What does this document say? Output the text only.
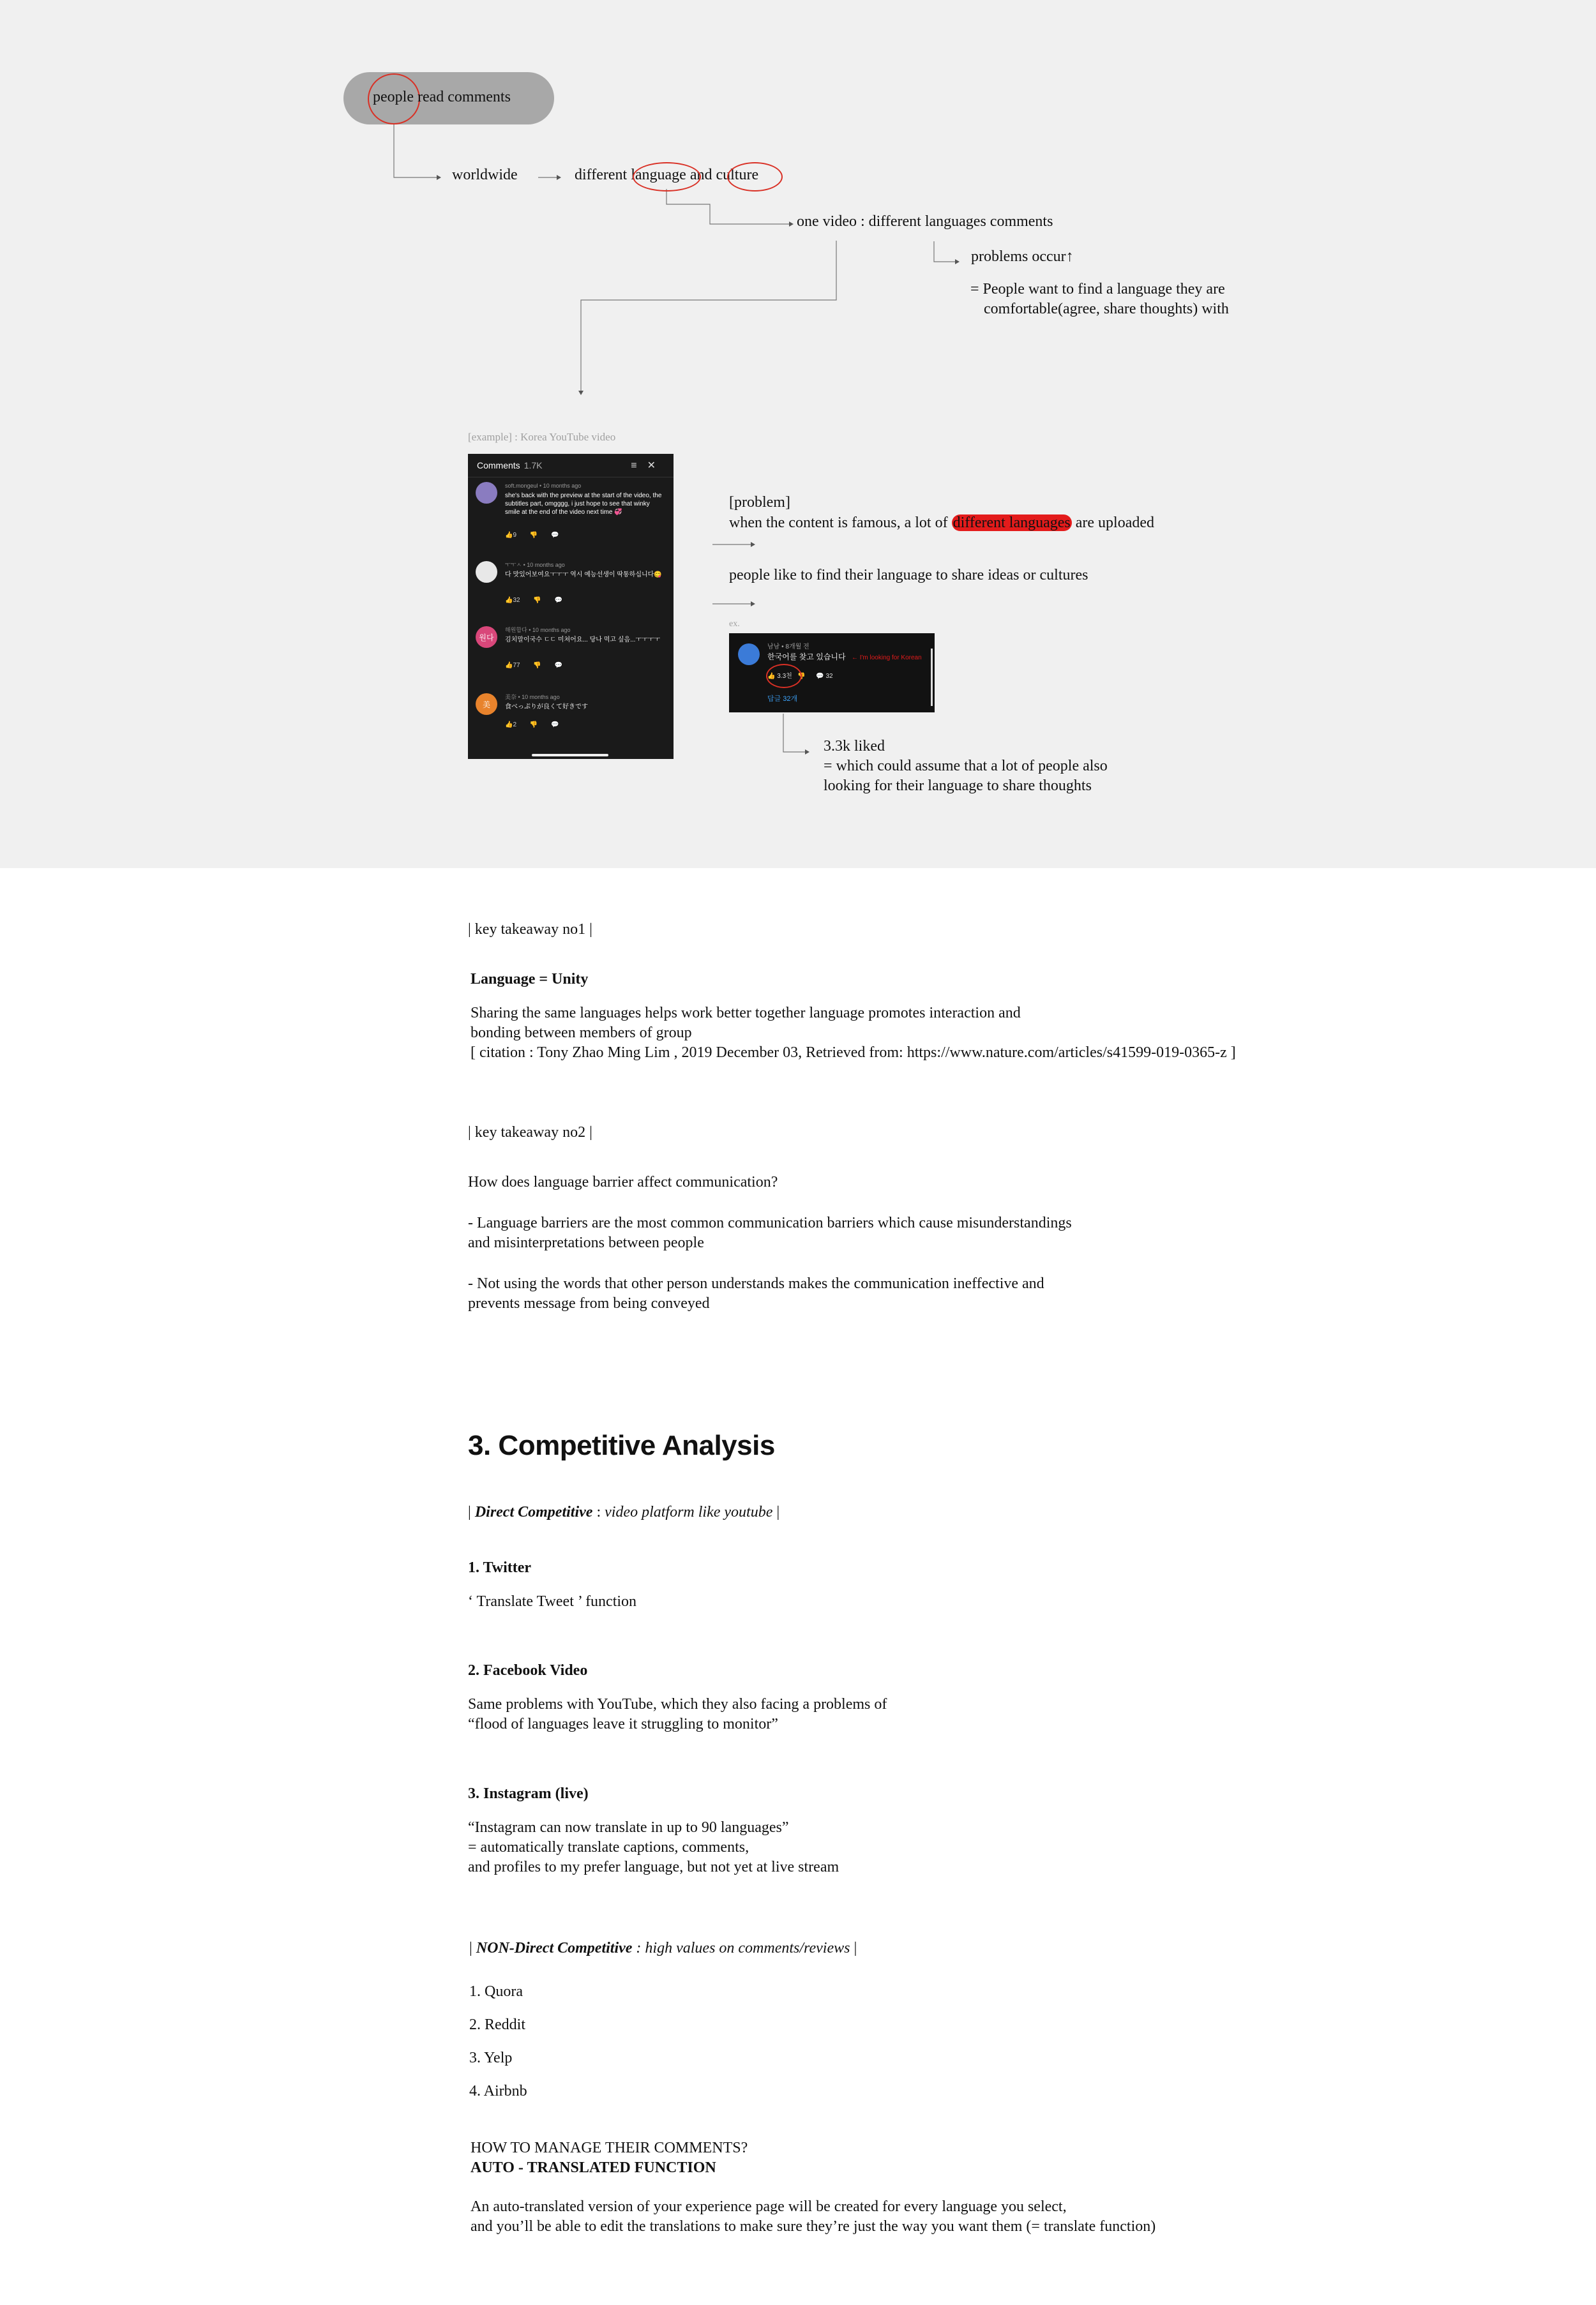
people read comments
worldwide	different language and culture
one video : different languages comments
problems occur↑
= People want to find a language they are
comfortable(agree, share thoughts) with
[example] : Korea YouTube video
Comments 1.7K	≡✕
soft.mongeul • 10 months ago
she's back with the preview at the start of the video, the subtitles part, omgggg, i just hope to see that winky smile at the end of the video next time 💞
👍9 👎 💬
ㅜㅜㅅ • 10 months ago
다 맛있어보여요ㅜㅜㅜ 역시 예능선생이 딱통하십니다😋
👍32 👎 💬
원다
해원합다 • 10 months ago
김치말이국수 ㄷㄷ 미쳐어요... 당나 먹고 싶음...ㅜㅜㅜㅜ
👍77 👎 💬
美
美奈 • 10 months ago
食べっぷりが良くて好きです
👍2 👎 💬
[problem]
when the content is famous, a lot of different languages are uploaded
people like to find their language to share ideas or cultures
ex.
남남 • 8개월 전
한국어를 찾고 있습니다 ← I'm looking for Korean
👍 3.3천   👎      💬 32
답글 32개
3.3k liked
= which could assume that a lot of people also
looking for their language to share thoughts
| key takeaway no1 |
Language = Unity
Sharing the same languages helps work better together language promotes interaction and
bonding between members of group
[ citation : Tony Zhao Ming Lim , 2019 December 03, Retrieved from: https://www.nature.com/articles/s41599-019-0365-z ]
| key takeaway no2 |
How does language barrier affect communication?
- Language barriers are the most common communication barriers which cause misunderstandings
and misinterpretations between people
- Not using the words that other person understands makes the communication ineffective and
prevents message from being conveyed
3. Competitive Analysis
| Direct Competitive : video platform like youtube |
1. Twitter
‘ Translate Tweet ’ function
2. Facebook Video
Same problems with YouTube, which they also facing a problems of
“flood of languages leave it struggling to monitor”
3. Instagram (live)
“Instagram can now translate in up to 90 languages”
= automatically translate captions, comments,
and profiles to my prefer language, but not yet at live stream
| NON-Direct Competitive : high values on comments/reviews |
1. Quora
2. Reddit
3. Yelp
4. Airbnb
HOW TO MANAGE THEIR COMMENTS?
AUTO - TRANSLATED FUNCTION
An auto-translated version of your experience page will be created for every language you select,
and you’ll be able to edit the translations to make sure they’re just the way you want them (= translate function)
